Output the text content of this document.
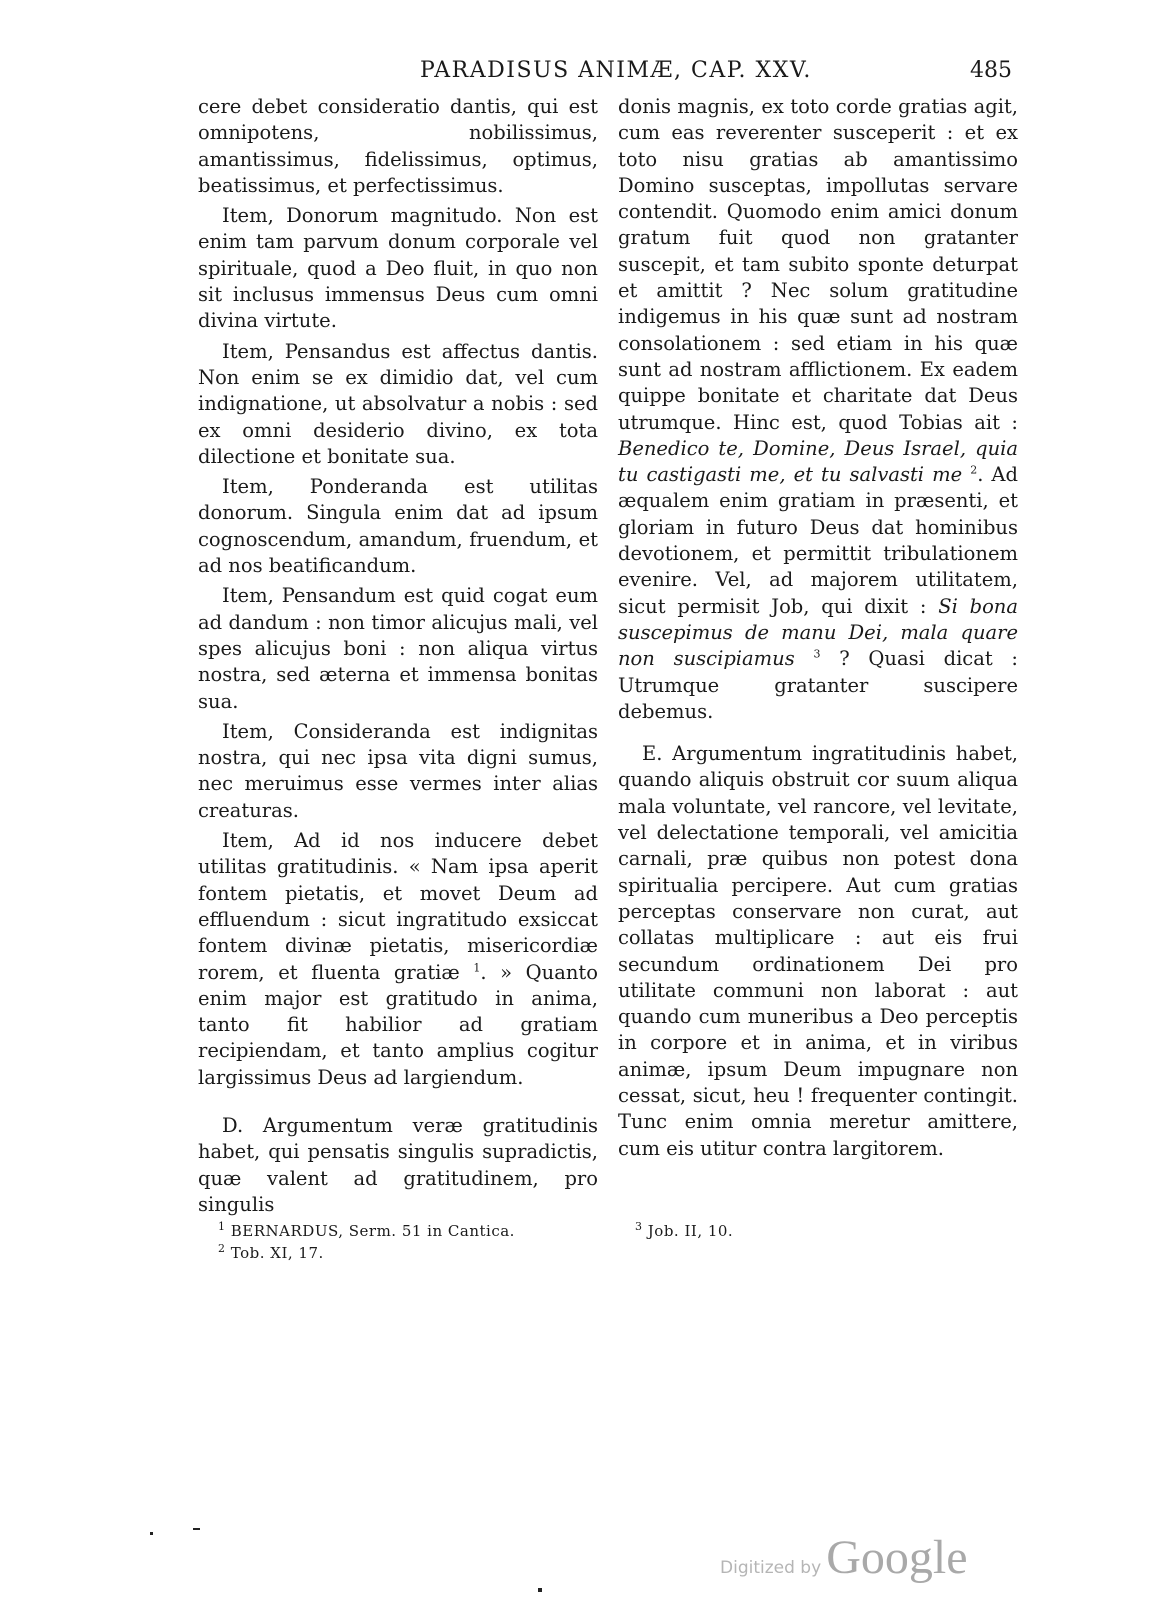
PARADISUS ANIMÆ, CAP. XXV.	485

cere debet consideratio dantis, qui est omnipotens, nobilissimus, amantissimus, fidelissimus, optimus, beatissimus, et perfectissimus.

Item, Donorum magnitudo. Non est enim tam parvum donum corporale vel spirituale, quod a Deo fluit, in quo non sit inclusus immensus Deus cum omni divina virtute.

Item, Pensandus est affectus dantis. Non enim se ex dimidio dat, vel cum indignatione, ut absolvatur a nobis : sed ex omni desiderio divino, ex tota dilectione et bonitate sua.

Item, Ponderanda est utilitas donorum. Singula enim dat ad ipsum cognoscendum, amandum, fruendum, et ad nos beatificandum.

Item, Pensandum est quid cogat eum ad dandum : non timor alicujus mali, vel spes alicujus boni : non aliqua virtus nostra, sed æterna et immensa bonitas sua.

Item, Consideranda est indignitas nostra, qui nec ipsa vita digni sumus, nec meruimus esse vermes inter alias creaturas.

Item, Ad id nos inducere debet utilitas gratitudinis. « Nam ipsa aperit fontem pietatis, et movet Deum ad effluendum : sicut ingratitudo exsiccat fontem divinæ pietatis, misericordiæ rorem, et fluenta gratiæ $^1$. » Quanto enim major est gratitudo in anima, tanto fit habilior ad gratiam recipiendam, et tanto amplius cogitur largissimus Deus ad largiendum.

D. Argumentum veræ gratitudinis habet, qui pensatis singulis supradictis, quæ valent ad gratitudinem, pro singulis

donis magnis, ex toto corde gratias agit, cum eas reverenter susceperit : et ex toto nisu gratias ab amantissimo Domino susceptas, impollutas servare contendit. Quomodo enim amici donum gratum fuit quod non gratanter suscepit, et tam subito sponte deturpat et amittit ? Nec solum gratitudine indigemus in his quæ sunt ad nostram consolationem : sed etiam in his quæ sunt ad nostram afflictionem. Ex eadem quippe bonitate et charitate dat Deus utrumque. Hinc est, quod Tobias ait : Benedico te, Domine, Deus Israel, quia tu castigasti me, et tu salvasti me $^2$. Ad æqualem enim gratiam in præsenti, et gloriam in futuro Deus dat hominibus devotionem, et permittit tribulationem evenire. Vel, ad majorem utilitatem, sicut permisit Job, qui dixit : Si bona suscepimus de manu Dei, mala quare non suscipiamus $^3$ ? Quasi dicat : Utrumque gratanter suscipere debemus.

E. Argumentum ingratitudinis habet, quando aliquis obstruit cor suum aliqua mala voluntate, vel rancore, vel levitate, vel delectatione temporali, vel amicitia carnali, præ quibus non potest dona spiritualia percipere. Aut cum gratias perceptas conservare non curat, aut collatas multiplicare : aut eis frui secundum ordinationem Dei pro utilitate communi non laborat : aut quando cum muneribus a Deo perceptis in corpore et in anima, et in viribus animæ, ipsum Deum impugnare non cessat, sicut, heu ! frequenter contingit. Tunc enim omnia meretur amittere, cum eis utitur contra largitorem.

$^1$ BERNARDUS, Serm. 51 in Cantica.
$^2$ Tob. XI, 17.
$^3$ Job. II, 10.
Digitized by Google
